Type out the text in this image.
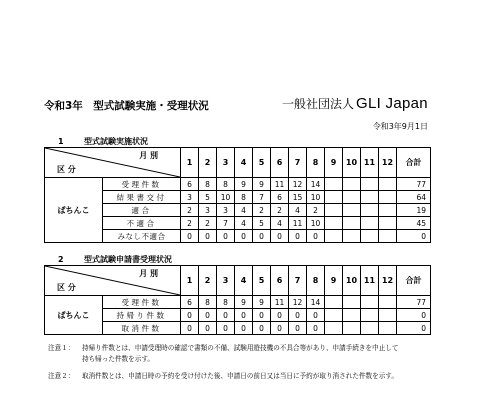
令和3年　型式試験実施・受理状況	一般社団法人 GLI Japan
令和3年9月1日
1	型式試験実施状況
月 別
区 分		1	2	3	4	5	6	7	8	9	10	11	12	合計
ぱちんこ	受理件数	6	8	8	9	9	11	12	14					77
	結果書交付	3	5	10	8	7	6	15	10					64
	適合	2	3	3	4	2	2	4	2					19
	不適合	2	2	7	4	5	4	11	10					45
	みなし不適合	0	0	0	0	0	0	0	0					0
2	型式試験申請書受理状況
月 別
区 分		1	2	3	4	5	6	7	8	9	10	11	12	合計
ぱちんこ	受理件数	6	8	8	9	9	11	12	14					77
	持帰り件数	0	0	0	0	0	0	0	0					0
	取消件数	0	0	0	0	0	0	0	0					0
注意１： 持帰り件数とは、申請受理時の確認で書類の不備、試験用遊技機の不具合等があり、申請手続きを中止して
持ち帰った件数を示す。
注意２： 取消件数とは、申請日時の予約を受け付けた後、申請日の前日又は当日に予約が取り消された件数を示す。
